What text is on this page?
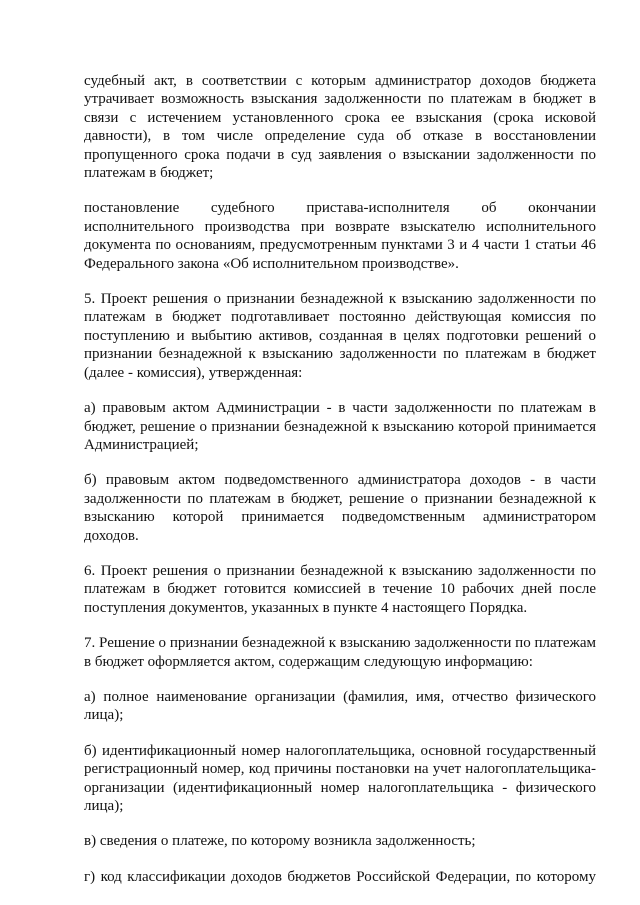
судебный акт, в соответствии с которым администратор доходов бюджета утрачивает возможность взыскания задолженности по платежам в бюджет в связи с истечением установленного срока ее взыскания (срока исковой давности), в том числе определение суда об отказе в восстановлении пропущенного срока подачи в суд заявления о взыскании задолженности по платежам в бюджет;

постановление судебного пристава-исполнителя об окончании исполнительного производства при возврате взыскателю исполнительного документа по основаниям, предусмотренным пунктами 3 и 4 части 1 статьи 46 Федерального закона «Об исполнительном производстве».

5. Проект решения о признании безнадежной к взысканию задолженности по платежам в бюджет подготавливает постоянно действующая комиссия по поступлению и выбытию активов, созданная в целях подготовки решений о признании безнадежной к взысканию задолженности по платежам в бюджет (далее - комиссия), утвержденная:

а) правовым актом Администрации - в части задолженности по платежам в бюджет, решение о признании безнадежной к взысканию которой принимается Администрацией;

б) правовым актом подведомственного администратора доходов - в части задолженности по платежам в бюджет, решение о признании безнадежной к взысканию которой принимается подведомственным администратором доходов.

6. Проект решения о признании безнадежной к взысканию задолженности по платежам в бюджет готовится комиссией в течение 10 рабочих дней после поступления документов, указанных в пункте 4 настоящего Порядка.

7. Решение о признании безнадежной к взысканию задолженности по платежам в бюджет оформляется актом, содержащим следующую информацию:

а) полное наименование организации (фамилия, имя, отчество физического лица);

б) идентификационный номер налогоплательщика, основной государственный регистрационный номер, код причины постановки на учет налогоплательщика-организации (идентификационный номер налогоплательщика - физического лица);

в) сведения о платеже, по которому возникла задолженность;

г) код классификации доходов бюджетов Российской Федерации, по которому
